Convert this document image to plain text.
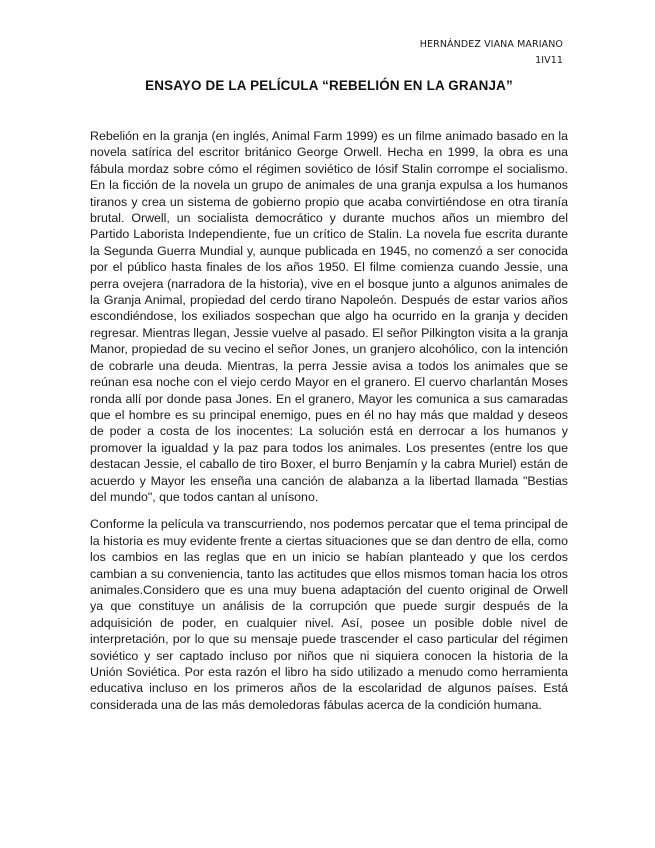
HERNÁNDEZ VIANA MARIANO
1IV11
ENSAYO DE LA PELÍCULA “REBELIÓN EN LA GRANJA”

Rebelión en la granja (en inglés, Animal Farm 1999) es un filme animado basado en la novela satírica del escritor británico George Orwell. Hecha en 1999, la obra es una fábula mordaz sobre cómo el régimen soviético de Iósif Stalin corrompe el socialismo. En la ficción de la novela un grupo de animales de una granja expulsa a los humanos tiranos y crea un sistema de gobierno propio que acaba convirtiéndose en otra tiranía brutal. Orwell, un socialista democrático y durante muchos años un miembro del Partido Laborista Independiente, fue un crítico de Stalin. La novela fue escrita durante la Segunda Guerra Mundial y, aunque publicada en 1945, no comenzó a ser conocida por el público hasta finales de los años 1950. El filme comienza cuando Jessie, una perra ovejera (narradora de la historia), vive en el bosque junto a algunos animales de la Granja Animal, propiedad del cerdo tirano Napoleón. Después de estar varios años escondiéndose, los exiliados sospechan que algo ha ocurrido en la granja y deciden regresar. Mientras llegan, Jessie vuelve al pasado. El señor Pilkington visita a la granja Manor, propiedad de su vecino el señor Jones, un granjero alcohólico, con la intención de cobrarle una deuda. Mientras, la perra Jessie avisa a todos los animales que se reúnan esa noche con el viejo cerdo Mayor en el granero. El cuervo charlantán Moses ronda allí por donde pasa Jones. En el granero, Mayor les comunica a sus camaradas que el hombre es su principal enemigo, pues en él no hay más que maldad y deseos de poder a costa de los inocentes: La solución está en derrocar a los humanos y promover la igualdad y la paz para todos los animales. Los presentes (entre los que destacan Jessie, el caballo de tiro Boxer, el burro Benjamín y la cabra Muriel) están de acuerdo y Mayor les enseña una canción de alabanza a la libertad llamada "Bestias del mundo", que todos cantan al unísono.

Conforme la película va transcurriendo, nos podemos percatar que el tema principal de la historia es muy evidente frente a ciertas situaciones que se dan dentro de ella, como los cambios en las reglas que en un inicio se habían planteado y que los cerdos cambian a su conveniencia, tanto las actitudes que ellos mismos toman hacia los otros animales.Considero que es una muy buena adaptación del cuento original de Orwell ya que constituye un análisis de la corrupción que puede surgir después de la adquisición de poder, en cualquier nivel. Así, posee un posible doble nivel de interpretación, por lo que su mensaje puede trascender el caso particular del régimen soviético y ser captado incluso por niños que ni siquiera conocen la historia de la Unión Soviética. Por esta razón el libro ha sido utilizado a menudo como herramienta educativa incluso en los primeros años de la escolaridad de algunos países. Está considerada una de las más demoledoras fábulas acerca de la condición humana.
